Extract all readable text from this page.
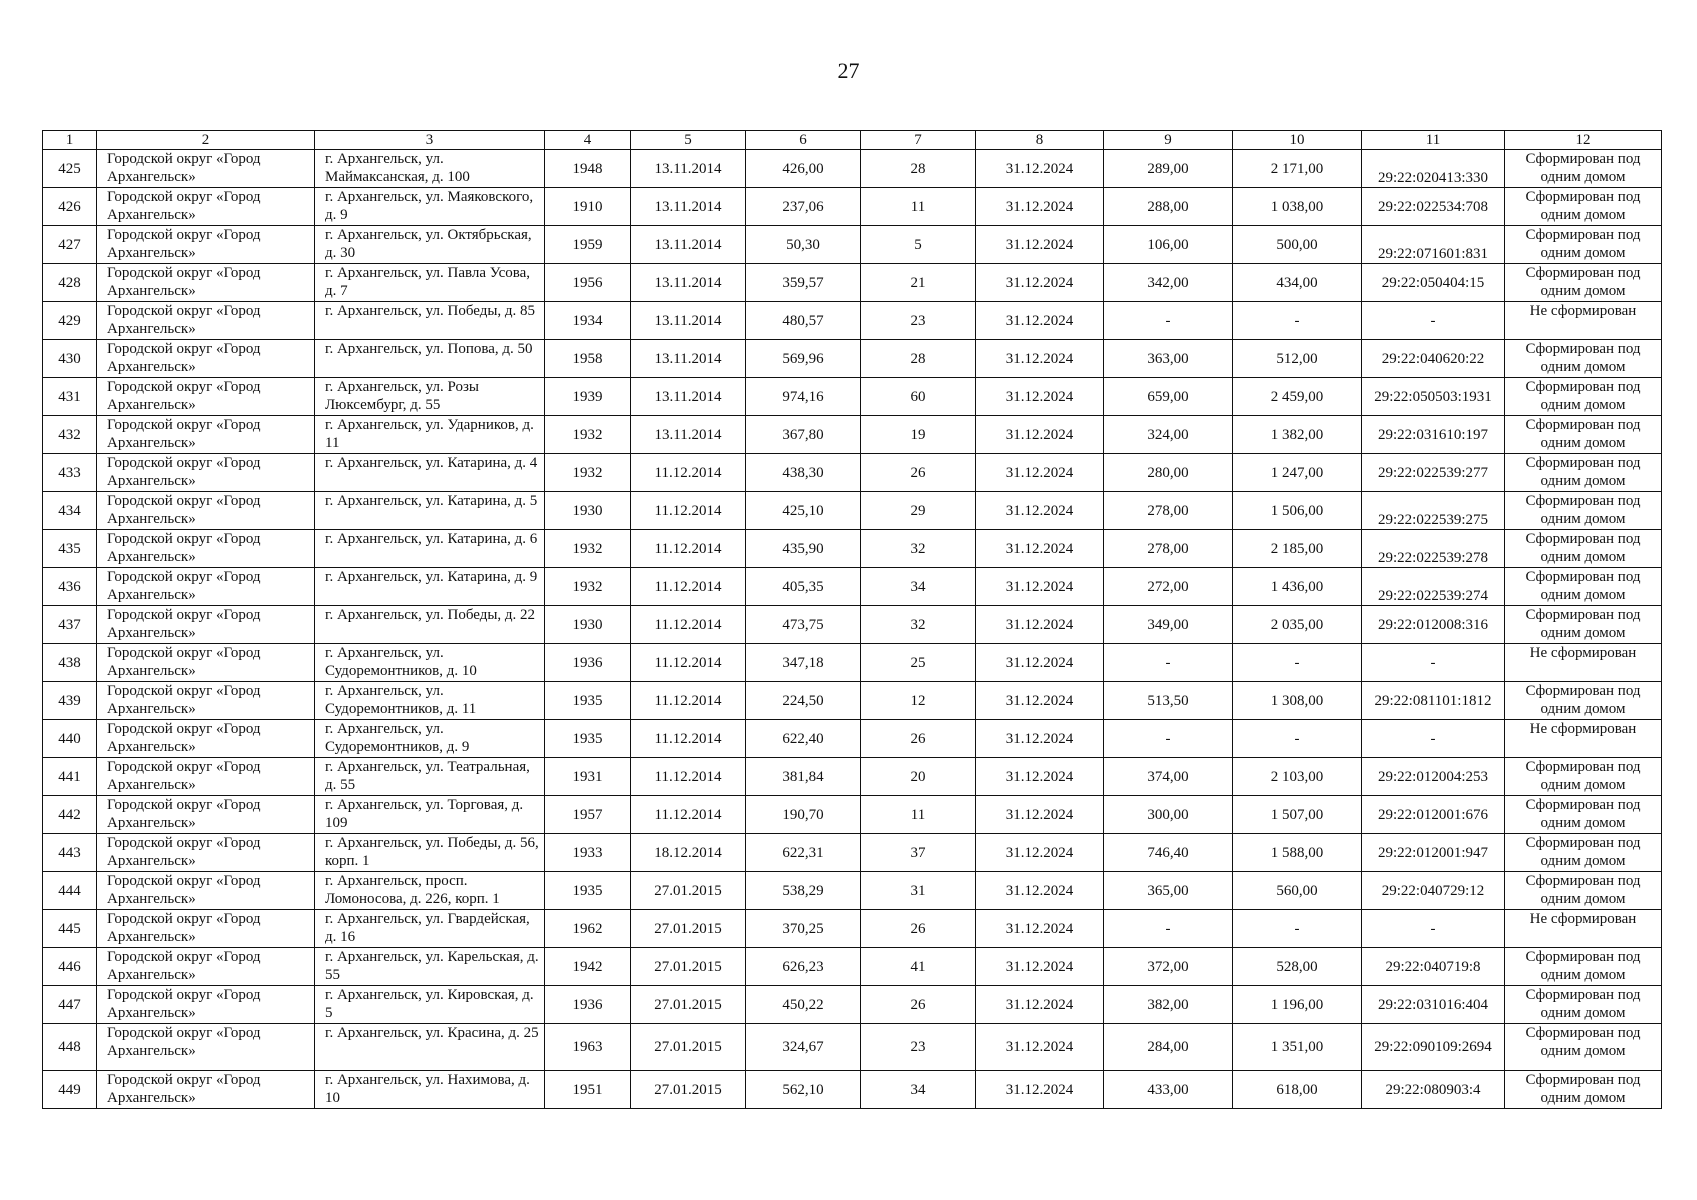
27
1	2	3	4	5	6	7	8	9	10	11	12
425	Городской округ «Город Архангельск»	г. Архангельск, ул. Маймаксанская, д. 100	1948	13.11.2014	426,00	28	31.12.2024	289,00	2 171,00	29:22:020413:330	Сформирован под одним домом
426	Городской округ «Город Архангельск»	г. Архангельск, ул. Маяковского, д. 9	1910	13.11.2014	237,06	11	31.12.2024	288,00	1 038,00	29:22:022534:708	Сформирован под одним домом
427	Городской округ «Город Архангельск»	г. Архангельск, ул. Октябрьская, д. 30	1959	13.11.2014	50,30	5	31.12.2024	106,00	500,00	29:22:071601:831	Сформирован под одним домом
428	Городской округ «Город Архангельск»	г. Архангельск, ул. Павла Усова, д. 7	1956	13.11.2014	359,57	21	31.12.2024	342,00	434,00	29:22:050404:15	Сформирован под одним домом
429	Городской округ «Город Архангельск»	г. Архангельск, ул. Победы, д. 85	1934	13.11.2014	480,57	23	31.12.2024	-	-	-	Не сформирован
430	Городской округ «Город Архангельск»	г. Архангельск, ул. Попова, д. 50	1958	13.11.2014	569,96	28	31.12.2024	363,00	512,00	29:22:040620:22	Сформирован под одним домом
431	Городской округ «Город Архангельск»	г. Архангельск, ул. Розы Люксембург, д. 55	1939	13.11.2014	974,16	60	31.12.2024	659,00	2 459,00	29:22:050503:1931	Сформирован под одним домом
432	Городской округ «Город Архангельск»	г. Архангельск, ул. Ударников, д. 11	1932	13.11.2014	367,80	19	31.12.2024	324,00	1 382,00	29:22:031610:197	Сформирован под одним домом
433	Городской округ «Город Архангельск»	г. Архангельск, ул. Катарина, д. 4	1932	11.12.2014	438,30	26	31.12.2024	280,00	1 247,00	29:22:022539:277	Сформирован под одним домом
434	Городской округ «Город Архангельск»	г. Архангельск, ул. Катарина, д. 5	1930	11.12.2014	425,10	29	31.12.2024	278,00	1 506,00	29:22:022539:275	Сформирован под одним домом
435	Городской округ «Город Архангельск»	г. Архангельск, ул. Катарина, д. 6	1932	11.12.2014	435,90	32	31.12.2024	278,00	2 185,00	29:22:022539:278	Сформирован под одним домом
436	Городской округ «Город Архангельск»	г. Архангельск, ул. Катарина, д. 9	1932	11.12.2014	405,35	34	31.12.2024	272,00	1 436,00	29:22:022539:274	Сформирован под одним домом
437	Городской округ «Город Архангельск»	г. Архангельск, ул. Победы, д. 22	1930	11.12.2014	473,75	32	31.12.2024	349,00	2 035,00	29:22:012008:316	Сформирован под одним домом
438	Городской округ «Город Архангельск»	г. Архангельск, ул. Судоремонтников, д. 10	1936	11.12.2014	347,18	25	31.12.2024	-	-	-	Не сформирован
439	Городской округ «Город Архангельск»	г. Архангельск, ул. Судоремонтников, д. 11	1935	11.12.2014	224,50	12	31.12.2024	513,50	1 308,00	29:22:081101:1812	Сформирован под одним домом
440	Городской округ «Город Архангельск»	г. Архангельск, ул. Судоремонтников, д. 9	1935	11.12.2014	622,40	26	31.12.2024	-	-	-	Не сформирован
441	Городской округ «Город Архангельск»	г. Архангельск, ул. Театральная, д. 55	1931	11.12.2014	381,84	20	31.12.2024	374,00	2 103,00	29:22:012004:253	Сформирован под одним домом
442	Городской округ «Город Архангельск»	г. Архангельск, ул. Торговая, д. 109	1957	11.12.2014	190,70	11	31.12.2024	300,00	1 507,00	29:22:012001:676	Сформирован под одним домом
443	Городской округ «Город Архангельск»	г. Архангельск, ул. Победы, д. 56, корп. 1	1933	18.12.2014	622,31	37	31.12.2024	746,40	1 588,00	29:22:012001:947	Сформирован под одним домом
444	Городской округ «Город Архангельск»	г. Архангельск, просп. Ломоносова, д. 226, корп. 1	1935	27.01.2015	538,29	31	31.12.2024	365,00	560,00	29:22:040729:12	Сформирован под одним домом
445	Городской округ «Город Архангельск»	г. Архангельск, ул. Гвардейская, д. 16	1962	27.01.2015	370,25	26	31.12.2024	-	-	-	Не сформирован
446	Городской округ «Город Архангельск»	г. Архангельск, ул. Карельская, д. 55	1942	27.01.2015	626,23	41	31.12.2024	372,00	528,00	29:22:040719:8	Сформирован под одним домом
447	Городской округ «Город Архангельск»	г. Архангельск, ул. Кировская, д. 5	1936	27.01.2015	450,22	26	31.12.2024	382,00	1 196,00	29:22:031016:404	Сформирован под одним домом
448	Городской округ «Город Архангельск»	г. Архангельск, ул. Красина, д. 25	1963	27.01.2015	324,67	23	31.12.2024	284,00	1 351,00	29:22:090109:2694	Сформирован под одним домом
449	Городской округ «Город Архангельск»	г. Архангельск, ул. Нахимова, д. 10	1951	27.01.2015	562,10	34	31.12.2024	433,00	618,00	29:22:080903:4	Сформирован под одним домом
